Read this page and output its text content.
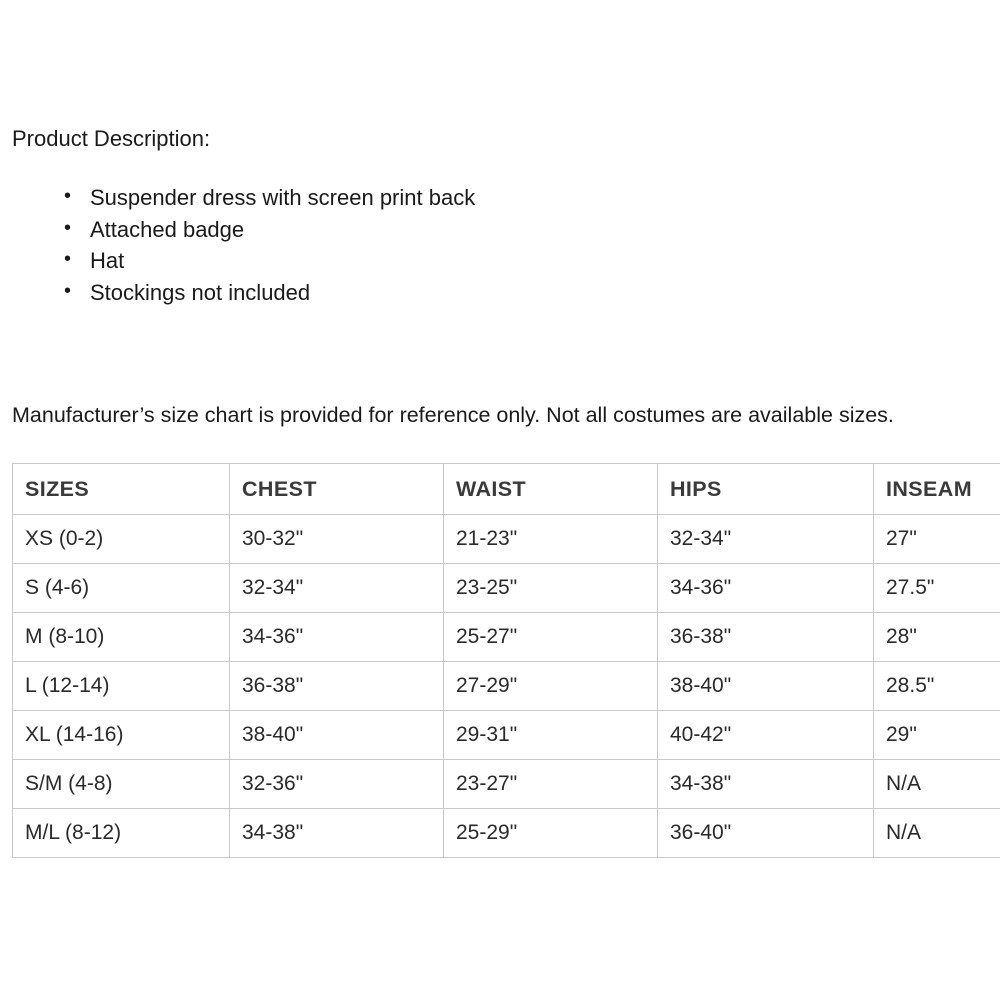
Product Description:
• Suspender dress with screen print back
• Attached badge
• Hat
• Stockings not included
Manufacturer’s size chart is provided for reference only. Not all costumes are available sizes.
SIZES	CHEST	WAIST	HIPS	INSEAM
XS (0-2)	30-32"	21-23"	32-34"	27"
S (4-6)	32-34"	23-25"	34-36"	27.5"
M (8-10)	34-36"	25-27"	36-38"	28"
L (12-14)	36-38"	27-29"	38-40"	28.5"
XL (14-16)	38-40"	29-31"	40-42"	29"
S/M (4-8)	32-36"	23-27"	34-38"	N/A
M/L (8-12)	34-38"	25-29"	36-40"	N/A
